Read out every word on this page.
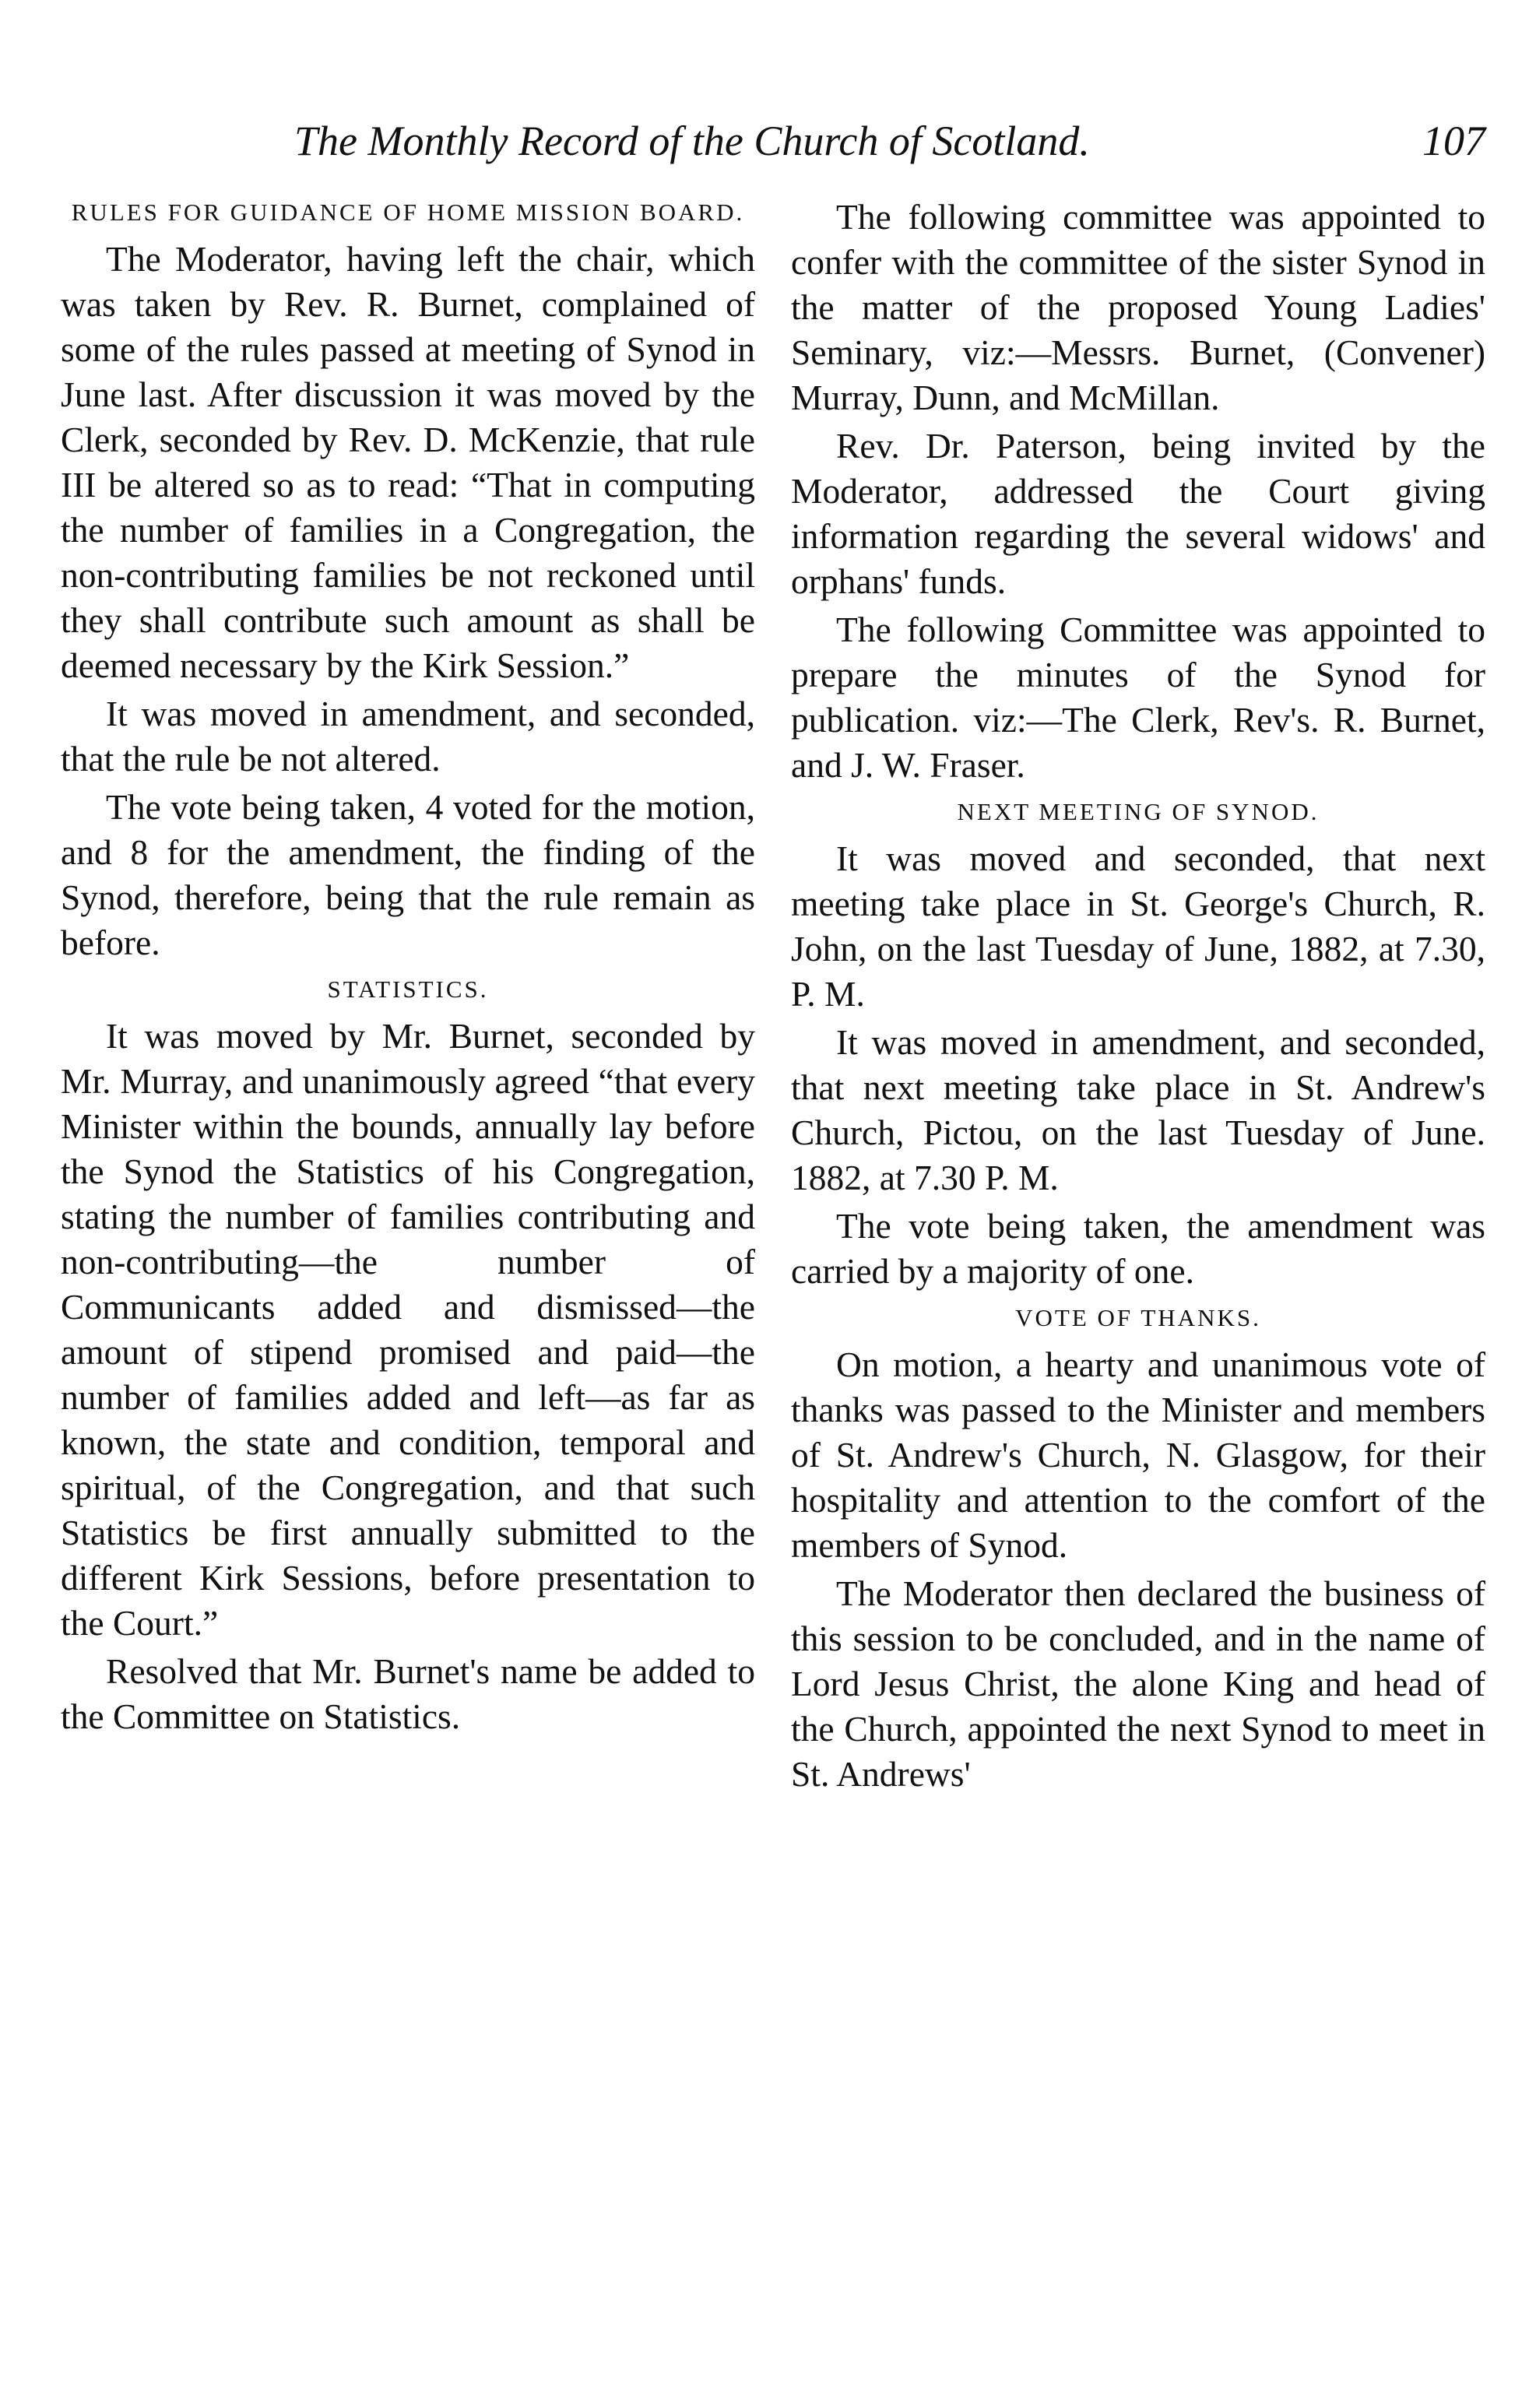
The Monthly Record of the Church of Scotland.	107
RULES FOR GUIDANCE OF HOME MISSION BOARD.

The Moderator, having left the chair, which was taken by Rev. R. Burnet, complained of some of the rules passed at meeting of Synod in June last. After discussion it was moved by the Clerk, seconded by Rev. D. McKenzie, that rule III be altered so as to read: “That in computing the number of families in a Congregation, the non-contributing families be not reckoned until they shall contribute such amount as shall be deemed necessary by the Kirk Session.”

It was moved in amendment, and seconded, that the rule be not altered.

The vote being taken, 4 voted for the motion, and 8 for the amendment, the finding of the Synod, therefore, being that the rule remain as before.

STATISTICS.

It was moved by Mr. Burnet, seconded by Mr. Murray, and unanimously agreed “that every Minister within the bounds, annually lay before the Synod the Statistics of his Congregation, stating the number of families contributing and non-contributing—the number of Communicants added and dismissed—the amount of stipend promised and paid—the number of families added and left—as far as known, the state and condition, temporal and spiritual, of the Congregation, and that such Statistics be first annually submitted to the different Kirk Sessions, before presentation to the Court.”

Resolved that Mr. Burnet's name be added to the Committee on Statistics.

The following committee was appointed to confer with the committee of the sister Synod in the matter of the proposed Young Ladies' Seminary, viz:—Messrs. Burnet, (Convener) Murray, Dunn, and McMillan.

Rev. Dr. Paterson, being invited by the Moderator, addressed the Court giving information regarding the several widows' and orphans' funds.

The following Committee was appointed to prepare the minutes of the Synod for publication. viz:—The Clerk, Rev's. R. Burnet, and J. W. Fraser.

NEXT MEETING OF SYNOD.

It was moved and seconded, that next meeting take place in St. George's Church, R. John, on the last Tuesday of June, 1882, at 7.30, P. M.

It was moved in amendment, and seconded, that next meeting take place in St. Andrew's Church, Pictou, on the last Tuesday of June. 1882, at 7.30 P. M.

The vote being taken, the amendment was carried by a majority of one.

VOTE OF THANKS.

On motion, a hearty and unanimous vote of thanks was passed to the Minister and members of St. Andrew's Church, N. Glasgow, for their hospitality and attention to the comfort of the members of Synod.

The Moderator then declared the business of this session to be concluded, and in the name of Lord Jesus Christ, the alone King and head of the Church, appointed the next Synod to meet in St. Andrews'
